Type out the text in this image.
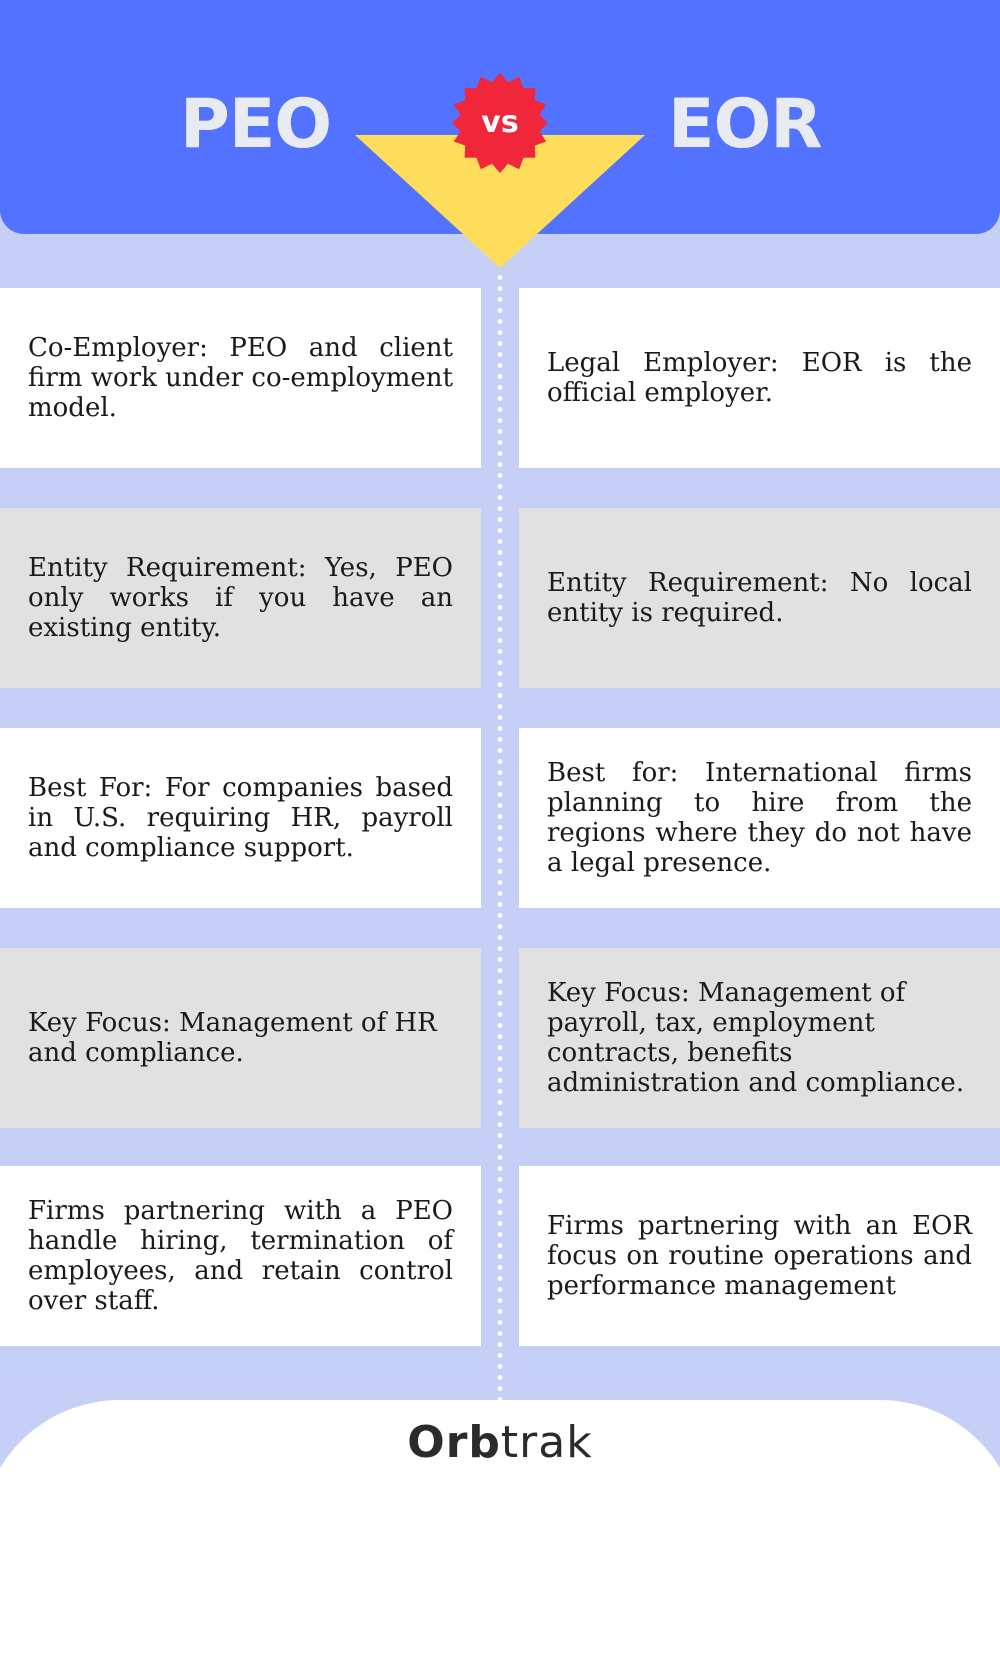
PEO	EOR
vs

Co-Employer: PEO and client firm work under co-employment model.

Legal Employer: EOR is the official employer.

Entity Requirement: Yes, PEO only works if you have an existing entity.

Entity Requirement: No local entity is required.

Best For: For companies based in U.S. requiring HR, payroll and compliance support.

Best for: International firms planning to hire from the regions where they do not have a legal presence.

Key Focus: Management of HR and compliance.

Key Focus: Management of payroll, tax, employment contracts, benefits administration and compliance.

Firms partnering with a PEO handle hiring, termination of employees, and retain control over staff.

Firms partnering with an EOR focus on routine operations and performance management

Orbtrak
